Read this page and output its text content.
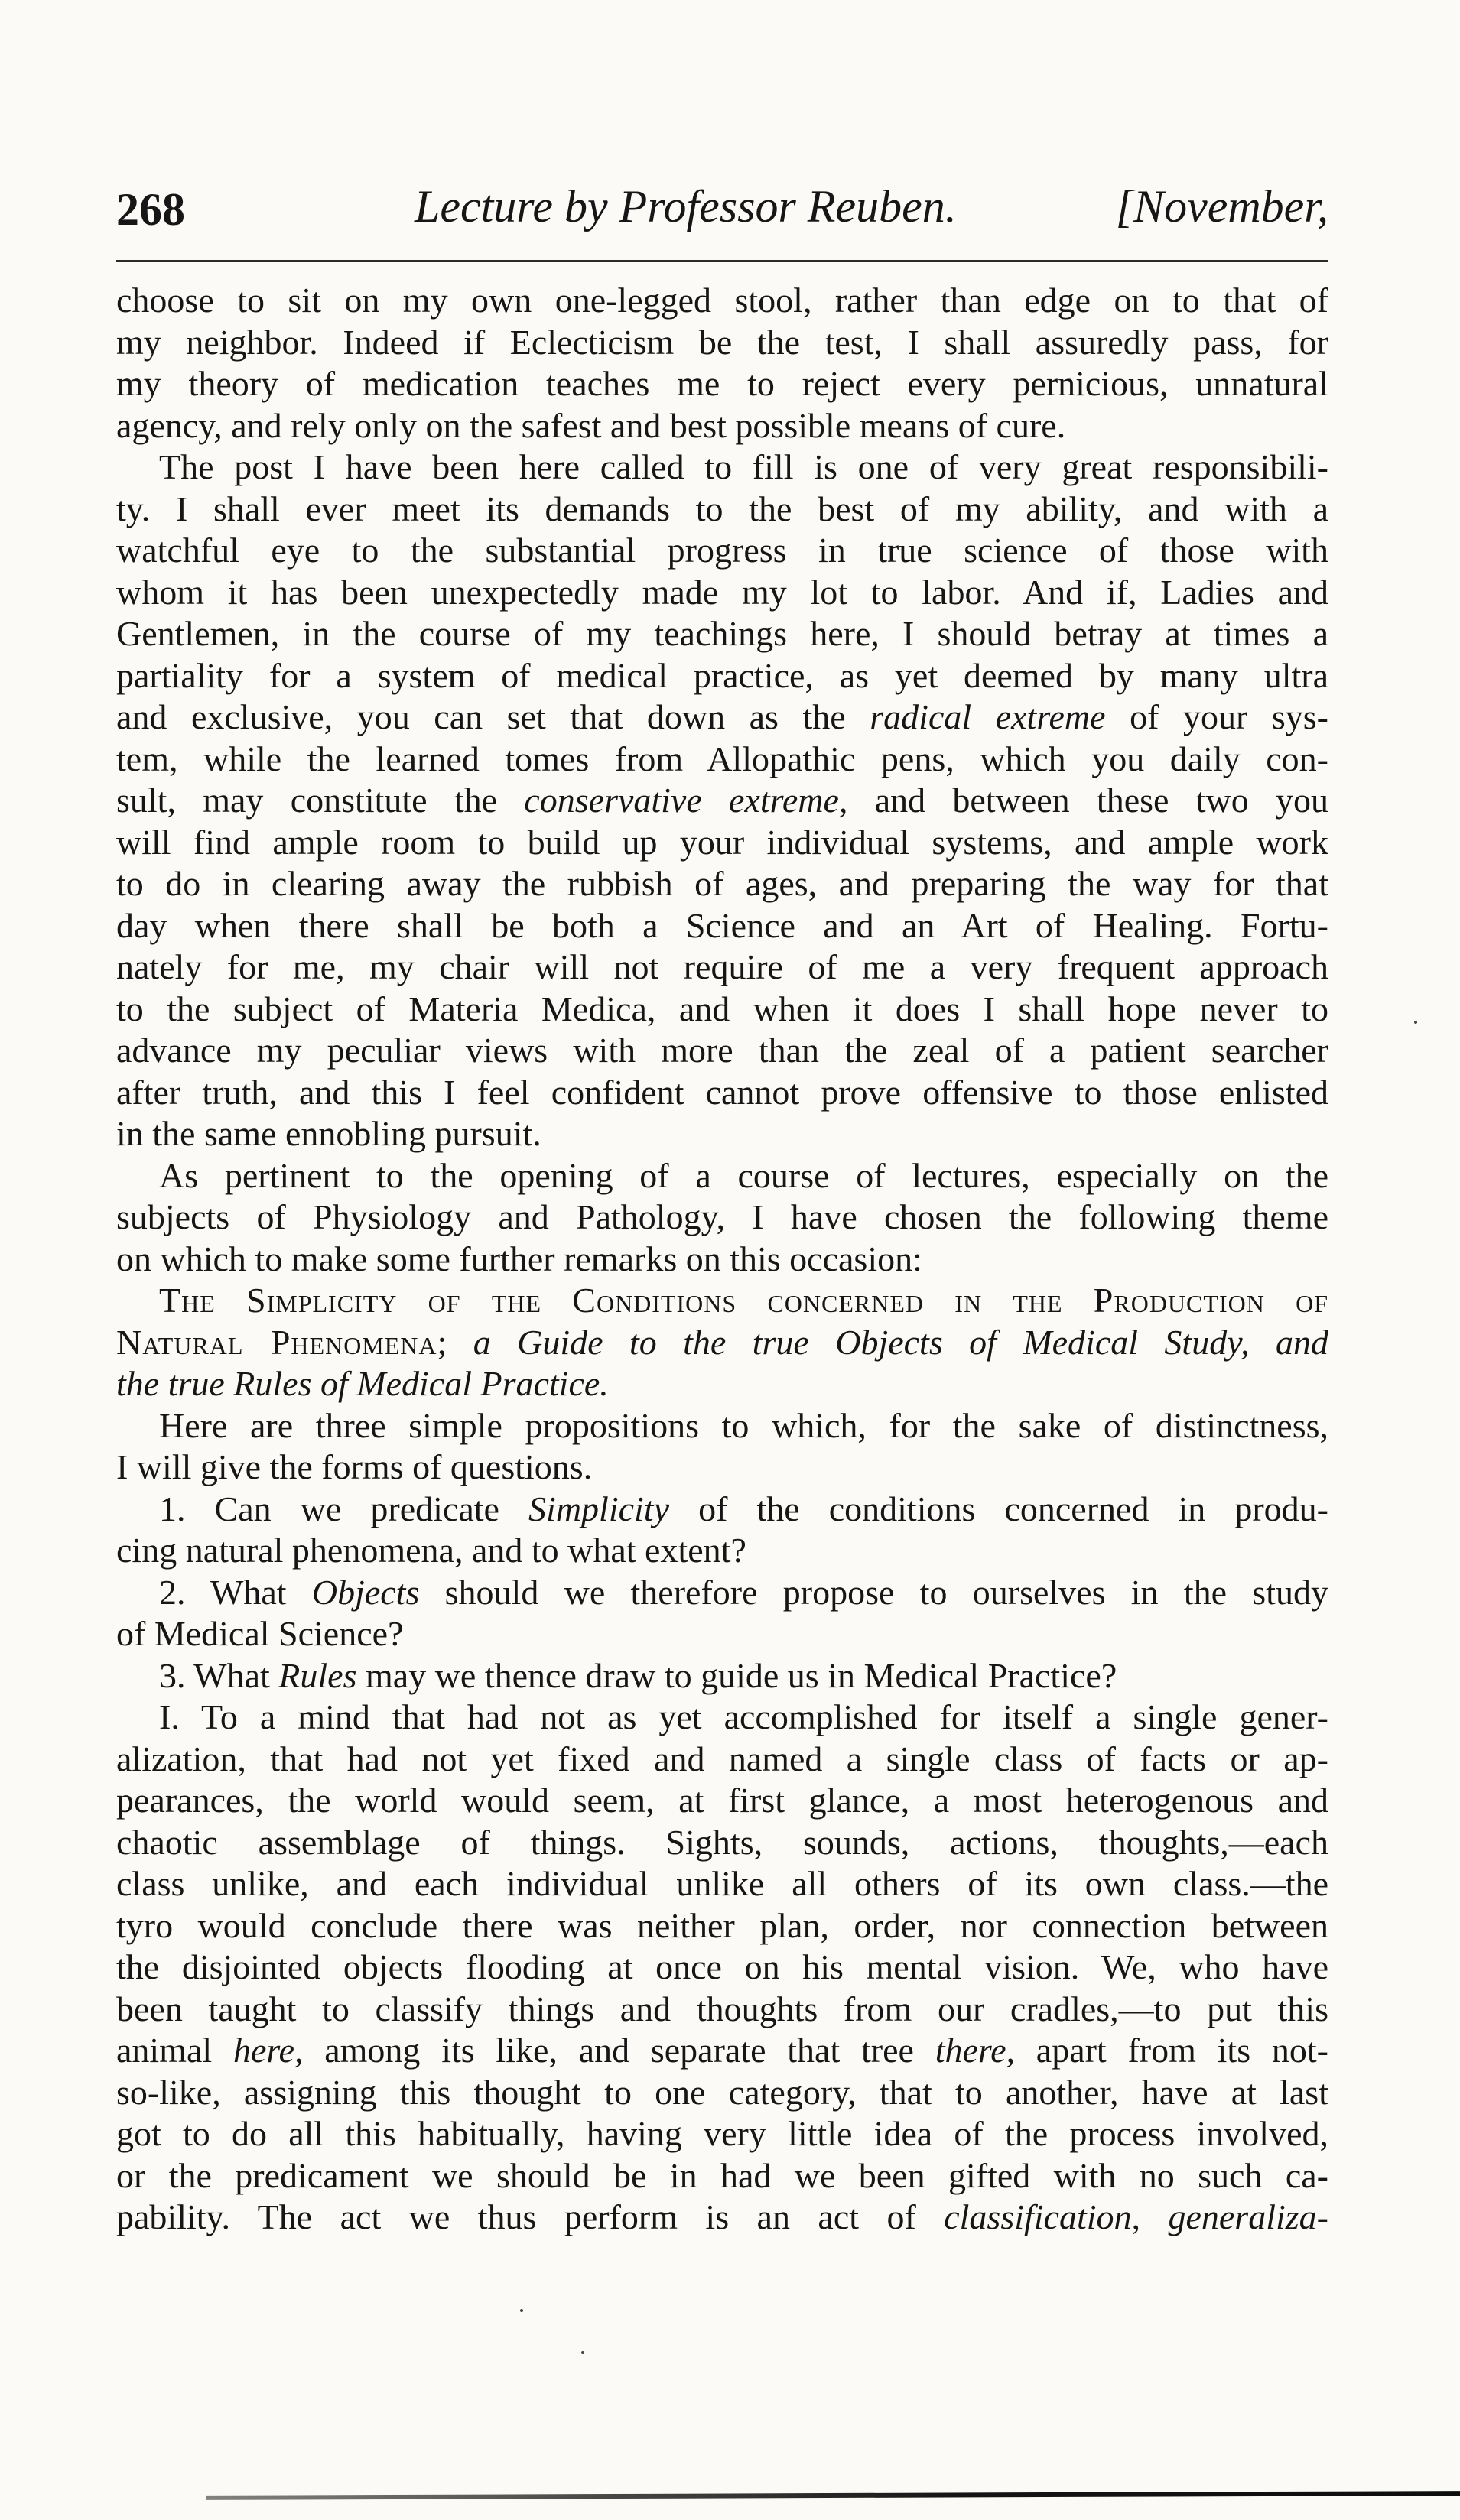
268	Lecture by Professor Reuben.	[November,
choose to sit on my own one-legged stool, rather than edge on to that of
my neighbor. Indeed if Eclecticism be the test, I shall assuredly pass, for
my theory of medication teaches me to reject every pernicious, unnatural
agency, and rely only on the safest and best possible means of cure.
The post I have been here called to fill is one of very great responsibili-
ty. I shall ever meet its demands to the best of my ability, and with a
watchful eye to the substantial progress in true science of those with
whom it has been unexpectedly made my lot to labor. And if, Ladies and
Gentlemen, in the course of my teachings here, I should betray at times a
partiality for a system of medical practice, as yet deemed by many ultra
and exclusive, you can set that down as the radical extreme of your sys-
tem, while the learned tomes from Allopathic pens, which you daily con-
sult, may constitute the conservative extreme, and between these two you
will find ample room to build up your individual systems, and ample work
to do in clearing away the rubbish of ages, and preparing the way for that
day when there shall be both a Science and an Art of Healing. Fortu-
nately for me, my chair will not require of me a very frequent approach
to the subject of Materia Medica, and when it does I shall hope never to
advance my peculiar views with more than the zeal of a patient searcher
after truth, and this I feel confident cannot prove offensive to those enlisted
in the same ennobling pursuit.
As pertinent to the opening of a course of lectures, especially on the
subjects of Physiology and Pathology, I have chosen the following theme
on which to make some further remarks on this occasion:
The Simplicity of the Conditions concerned in the Production of
Natural Phenomena; a Guide to the true Objects of Medical Study, and
the true Rules of Medical Practice.
Here are three simple propositions to which, for the sake of distinctness,
I will give the forms of questions.
1. Can we predicate Simplicity of the conditions concerned in produ-
cing natural phenomena, and to what extent?
2. What Objects should we therefore propose to ourselves in the study
of Medical Science?
3. What Rules may we thence draw to guide us in Medical Practice?
I. To a mind that had not as yet accomplished for itself a single gener-
alization, that had not yet fixed and named a single class of facts or ap-
pearances, the world would seem, at first glance, a most heterogenous and
chaotic assemblage of things. Sights, sounds, actions, thoughts,—each
class unlike, and each individual unlike all others of its own class.—the
tyro would conclude there was neither plan, order, nor connection between
the disjointed objects flooding at once on his mental vision. We, who have
been taught to classify things and thoughts from our cradles,—to put this
animal here, among its like, and separate that tree there, apart from its not-
so-like, assigning this thought to one category, that to another, have at last
got to do all this habitually, having very little idea of the process involved,
or the predicament we should be in had we been gifted with no such ca-
pability. The act we thus perform is an act of classification, generaliza-
